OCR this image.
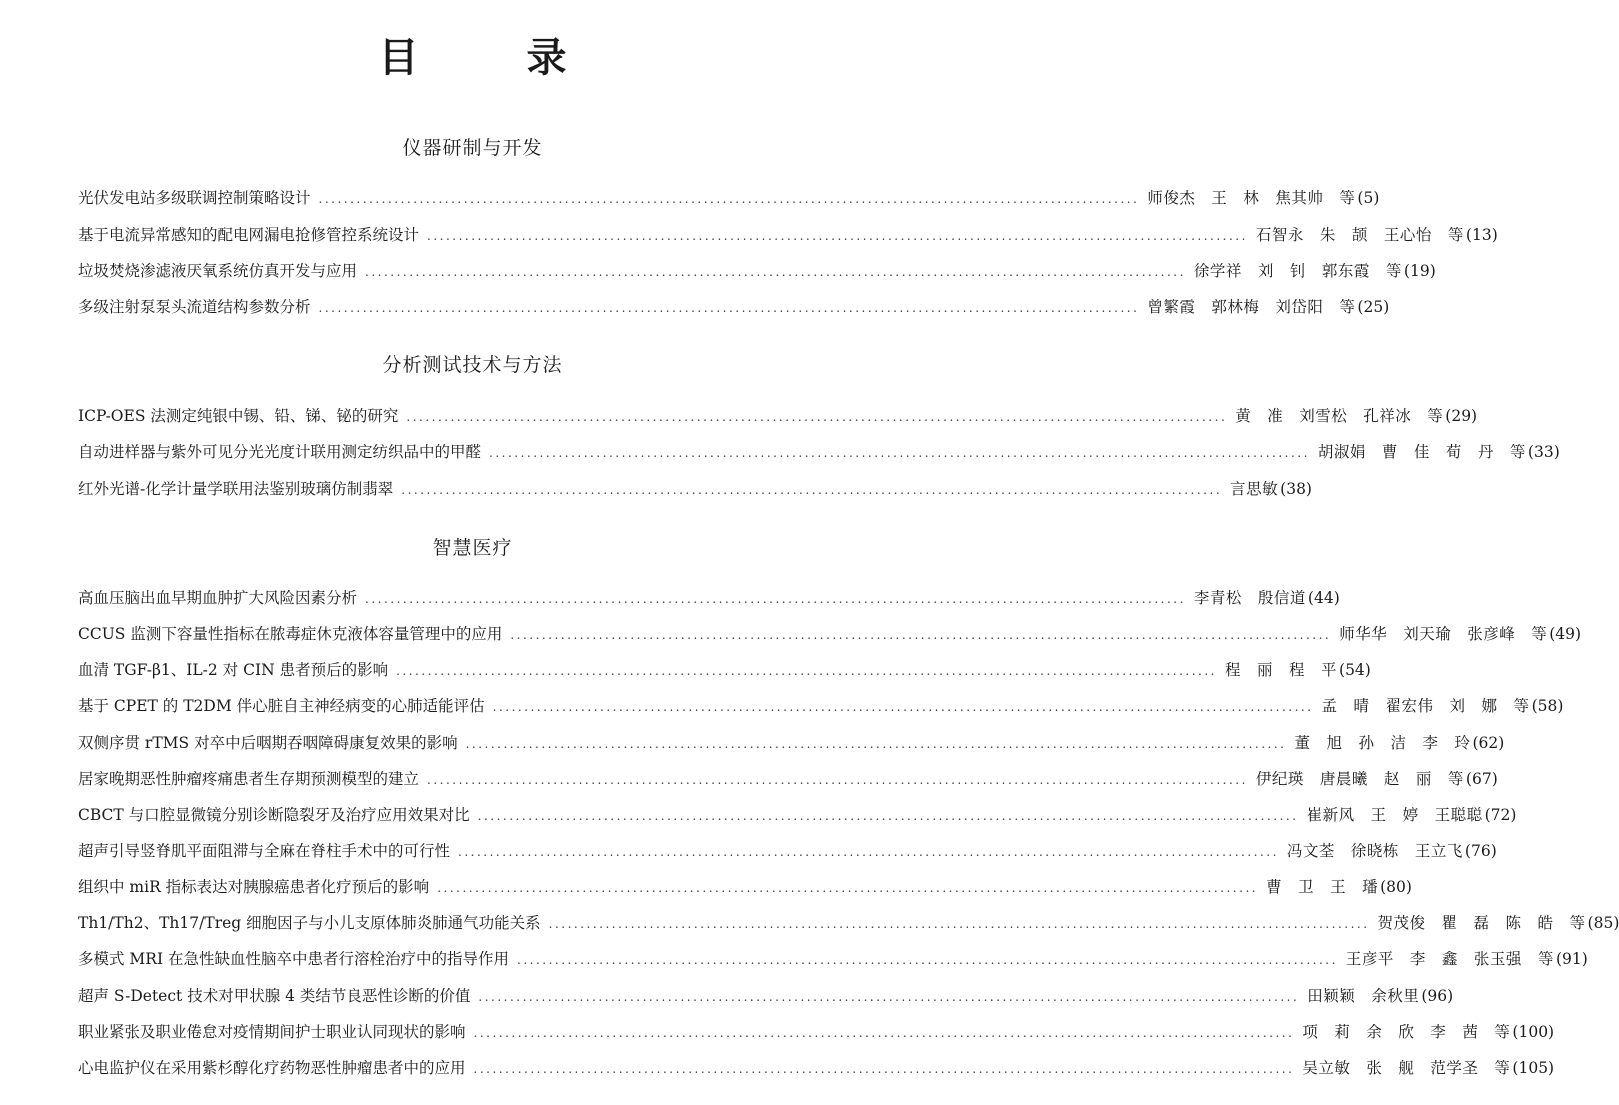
目　录
仪器研制与开发
光伏发电站多级联调控制策略设计 .................................................................................................................................. 师俊杰　王　林　焦其帅　等 (5)
基于电流异常感知的配电网漏电抢修管控系统设计 .................................................................................................................................. 石智永　朱　颉　王心怡　等 (13)
垃圾焚烧渗滤液厌氧系统仿真开发与应用 .................................................................................................................................. 徐学祥　刘　钊　郭东霞　等 (19)
多级注射泵泵头流道结构参数分析 .................................................................................................................................. 曾繁霞　郭林梅　刘岱阳　等 (25)
分析测试技术与方法
ICP-OES 法测定纯银中锡、铅、锑、铋的研究 .................................................................................................................................. 黄　准　刘雪松　孔祥冰　等 (29)
自动进样器与紫外可见分光光度计联用测定纺织品中的甲醛 .................................................................................................................................. 胡淑娟　曹　佳　荀　丹　等 (33)
红外光谱-化学计量学联用法鉴别玻璃仿制翡翠 .................................................................................................................................. 言思敏 (38)
智慧医疗
高血压脑出血早期血肿扩大风险因素分析 .................................................................................................................................. 李青松　殷信道 (44)
CCUS 监测下容量性指标在脓毒症休克液体容量管理中的应用 .................................................................................................................................. 师华华　刘天瑜　张彦峰　等 (49)
血清 TGF-β1、IL-2 对 CIN 患者预后的影响 .................................................................................................................................. 程　丽　程　平 (54)
基于 CPET 的 T2DM 伴心脏自主神经病变的心肺适能评估 .................................................................................................................................. 孟　晴　翟宏伟　刘　娜　等 (58)
双侧序贯 rTMS 对卒中后咽期吞咽障碍康复效果的影响 .................................................................................................................................. 董　旭　孙　洁　李　玲 (62)
居家晚期恶性肿瘤疼痛患者生存期预测模型的建立 .................................................................................................................................. 伊纪瑛　唐晨曦　赵　丽　等 (67)
CBCT 与口腔显微镜分别诊断隐裂牙及治疗应用效果对比 .................................................................................................................................. 崔新风　王　婷　王聪聪 (72)
超声引导竖脊肌平面阻滞与全麻在脊柱手术中的可行性 .................................................................................................................................. 冯文荃　徐晓栋　王立飞 (76)
组织中 miR 指标表达对胰腺癌患者化疗预后的影响 .................................................................................................................................. 曹　卫　王　璠 (80)
Th1/Th2、Th17/Treg 细胞因子与小儿支原体肺炎肺通气功能关系 .................................................................................................................................. 贺茂俊　瞿　磊　陈　皓　等 (85)
多模式 MRI 在急性缺血性脑卒中患者行溶栓治疗中的指导作用 .................................................................................................................................. 王彦平　李　鑫　张玉强　等 (91)
超声 S-Detect 技术对甲状腺 4 类结节良恶性诊断的价值 .................................................................................................................................. 田颖颖　余秋里 (96)
职业紧张及职业倦怠对疫情期间护士职业认同现状的影响 .................................................................................................................................. 项　莉　余　欣　李　茜　等 (100)
心电监护仪在采用紫杉醇化疗药物恶性肿瘤患者中的应用 .................................................................................................................................. 吴立敏　张　舰　范学圣　等 (105)
